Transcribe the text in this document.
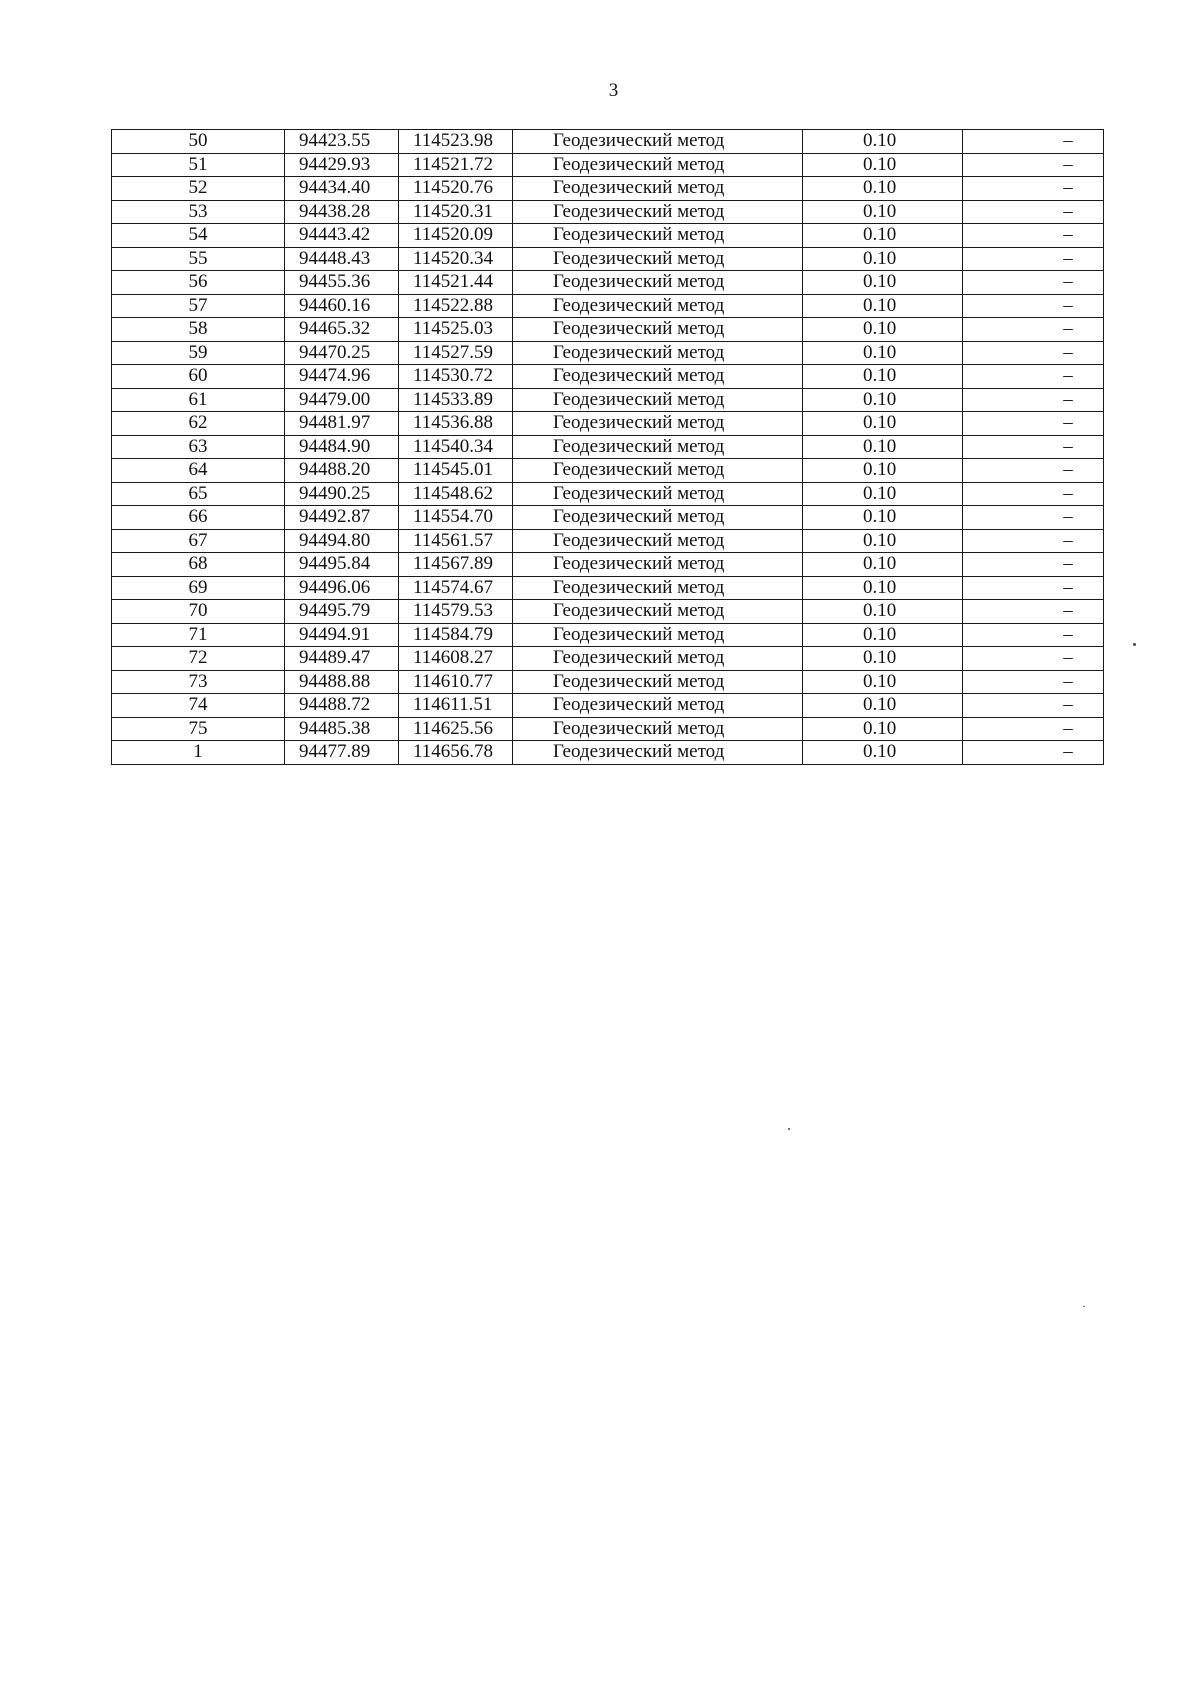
3
50	94423.55	114523.98	Геодезический метод	0.10	–
51	94429.93	114521.72	Геодезический метод	0.10	–
52	94434.40	114520.76	Геодезический метод	0.10	–
53	94438.28	114520.31	Геодезический метод	0.10	–
54	94443.42	114520.09	Геодезический метод	0.10	–
55	94448.43	114520.34	Геодезический метод	0.10	–
56	94455.36	114521.44	Геодезический метод	0.10	–
57	94460.16	114522.88	Геодезический метод	0.10	–
58	94465.32	114525.03	Геодезический метод	0.10	–
59	94470.25	114527.59	Геодезический метод	0.10	–
60	94474.96	114530.72	Геодезический метод	0.10	–
61	94479.00	114533.89	Геодезический метод	0.10	–
62	94481.97	114536.88	Геодезический метод	0.10	–
63	94484.90	114540.34	Геодезический метод	0.10	–
64	94488.20	114545.01	Геодезический метод	0.10	–
65	94490.25	114548.62	Геодезический метод	0.10	–
66	94492.87	114554.70	Геодезический метод	0.10	–
67	94494.80	114561.57	Геодезический метод	0.10	–
68	94495.84	114567.89	Геодезический метод	0.10	–
69	94496.06	114574.67	Геодезический метод	0.10	–
70	94495.79	114579.53	Геодезический метод	0.10	–
71	94494.91	114584.79	Геодезический метод	0.10	–
72	94489.47	114608.27	Геодезический метод	0.10	–
73	94488.88	114610.77	Геодезический метод	0.10	–
74	94488.72	114611.51	Геодезический метод	0.10	–
75	94485.38	114625.56	Геодезический метод	0.10	–
1	94477.89	114656.78	Геодезический метод	0.10	–
